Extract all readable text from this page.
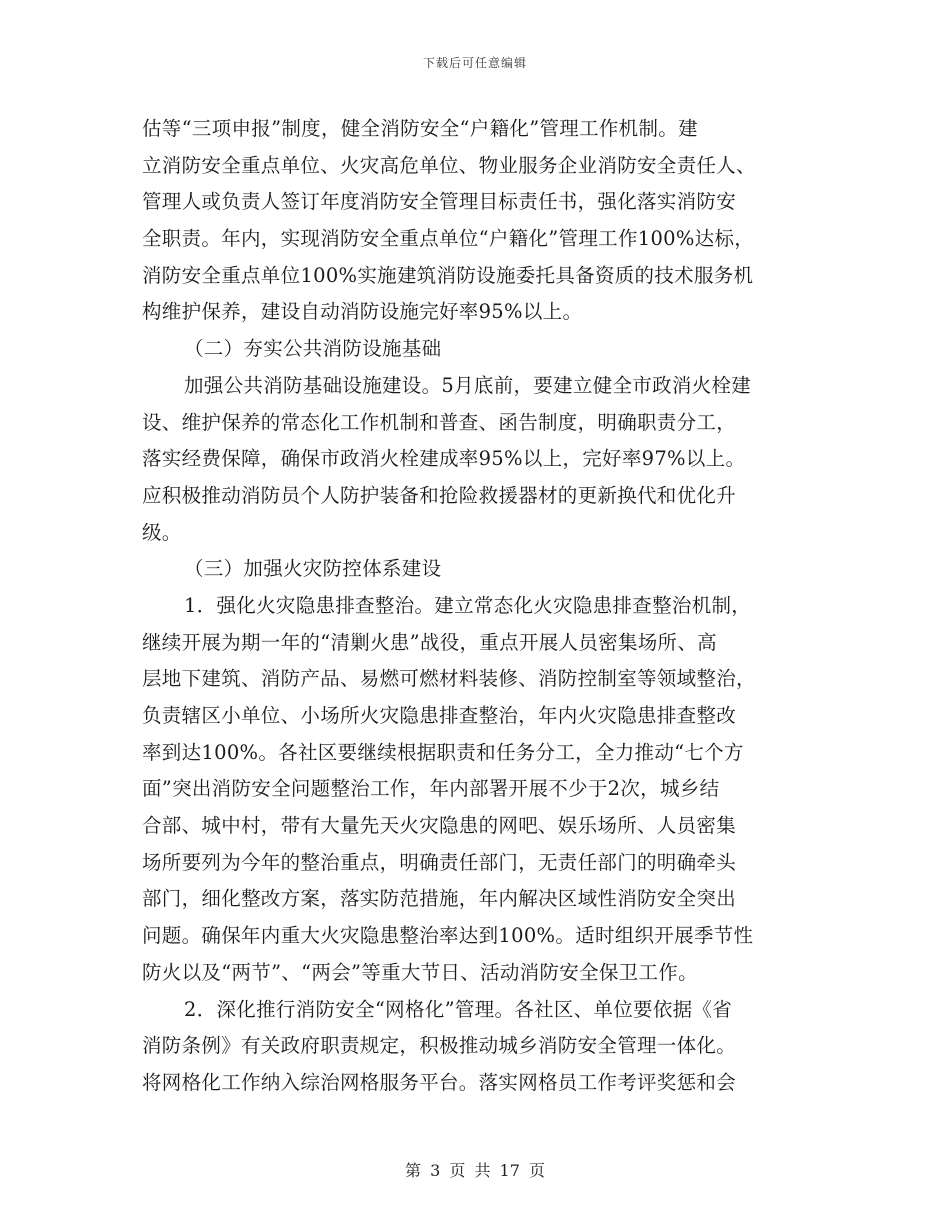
下载后可任意编辑
估等“三项申报”制度，健全消防安全“户籍化”管理工作机制。建
立消防安全重点单位、火灾高危单位、物业服务企业消防安全责任人、
管理人或负责人签订年度消防安全管理目标责任书，强化落实消防安
全职责。年内，实现消防安全重点单位“户籍化”管理工作100%达标，
消防安全重点单位100%实施建筑消防设施委托具备资质的技术服务机
构维护保养，建设自动消防设施完好率95%以上。
（二）夯实公共消防设施基础
加强公共消防基础设施建设。5月底前，要建立健全市政消火栓建
设、维护保养的常态化工作机制和普查、函告制度，明确职责分工，
落实经费保障，确保市政消火栓建成率95%以上，完好率97%以上。
应积极推动消防员个人防护装备和抢险救援器材的更新换代和优化升
级。
（三）加强火灾防控体系建设
1．强化火灾隐患排查整治。建立常态化火灾隐患排查整治机制，
继续开展为期一年的“清剿火患”战役，重点开展人员密集场所、高
层地下建筑、消防产品、易燃可燃材料装修、消防控制室等领域整治，
负责辖区小单位、小场所火灾隐患排查整治，年内火灾隐患排查整改
率到达100%。各社区要继续根据职责和任务分工，全力推动“七个方
面”突出消防安全问题整治工作，年内部署开展不少于2次，城乡结
合部、城中村，带有大量先天火灾隐患的网吧、娱乐场所、人员密集
场所要列为今年的整治重点，明确责任部门，无责任部门的明确牵头
部门，细化整改方案，落实防范措施，年内解决区域性消防安全突出
问题。确保年内重大火灾隐患整治率达到100%。适时组织开展季节性
防火以及“两节”、“两会”等重大节日、活动消防安全保卫工作。
2．深化推行消防安全“网格化”管理。各社区、单位要依据《省
消防条例》有关政府职责规定，积极推动城乡消防安全管理一体化。
将网格化工作纳入综治网格服务平台。落实网格员工作考评奖惩和会
第 3 页 共 17 页
